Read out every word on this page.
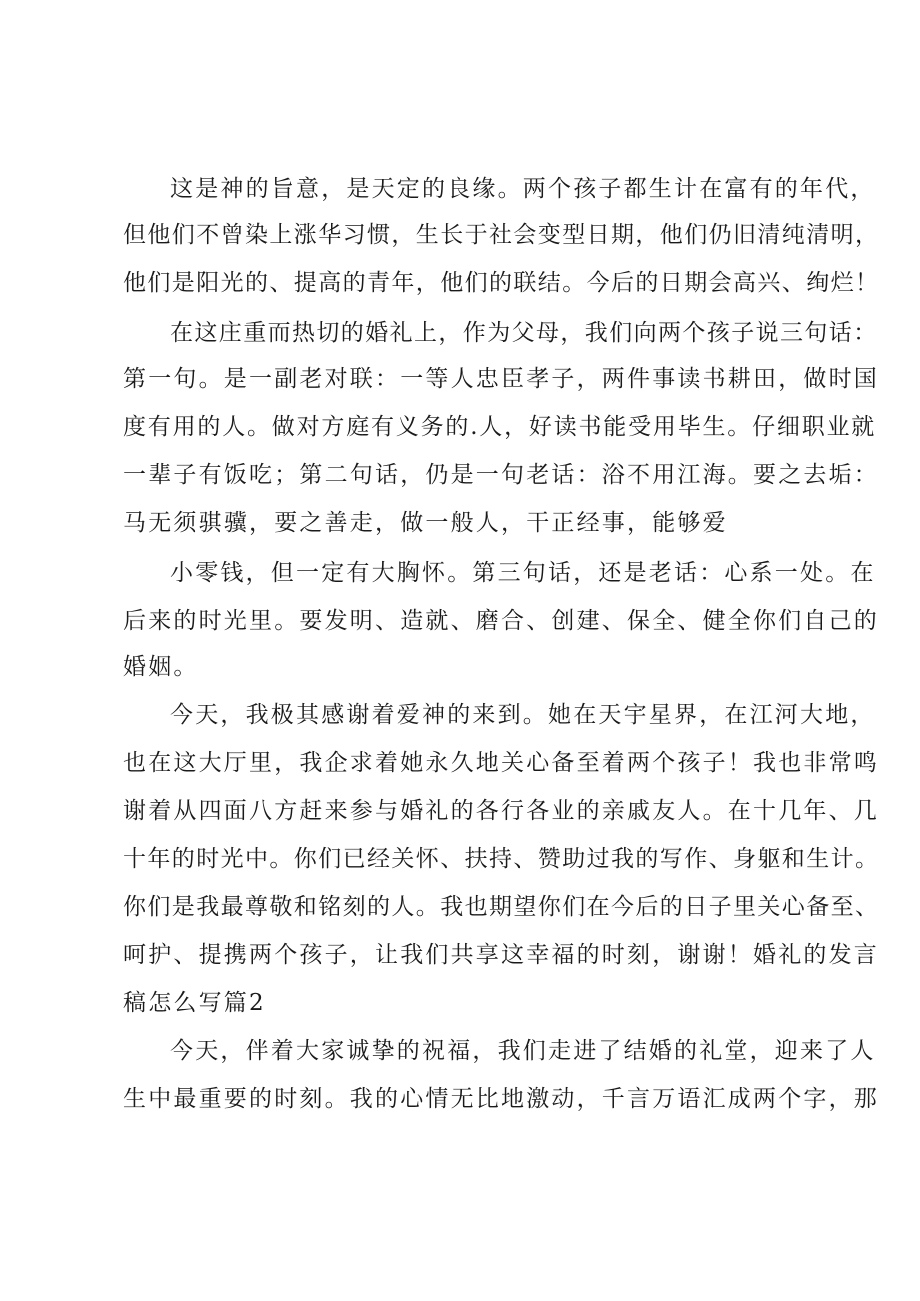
这是神的旨意，是天定的良缘。两个孩子都生计在富有的年代，
但他们不曾染上涨华习惯，生长于社会变型日期，他们仍旧清纯清明，
他们是阳光的、提高的青年，他们的联结。今后的日期会高兴、绚烂！
在这庄重而热切的婚礼上，作为父母，我们向两个孩子说三句话：
第一句。是一副老对联：一等人忠臣孝子，两件事读书耕田，做时国
度有用的人。做对方庭有义务的.人，好读书能受用毕生。仔细职业就
一辈子有饭吃；第二句话，仍是一句老话：浴不用江海。要之去垢：
马无须骐骥，要之善走，做一般人，干正经事，能够爱
小零钱，但一定有大胸怀。第三句话，还是老话：心系一处。在
后来的时光里。要发明、造就、磨合、创建、保全、健全你们自己的
婚姻。
今天，我极其感谢着爱神的来到。她在天宇星界，在江河大地，
也在这大厅里，我企求着她永久地关心备至着两个孩子！我也非常鸣
谢着从四面八方赶来参与婚礼的各行各业的亲戚友人。在十几年、几
十年的时光中。你们已经关怀、扶持、赞助过我的写作、身躯和生计。
你们是我最尊敬和铭刻的人。我也期望你们在今后的日子里关心备至、
呵护、提携两个孩子，让我们共享这幸福的时刻，谢谢！婚礼的发言
稿怎么写篇2
今天，伴着大家诚挚的祝福，我们走进了结婚的礼堂，迎来了人
生中最重要的时刻。我的心情无比地激动，千言万语汇成两个字，那
